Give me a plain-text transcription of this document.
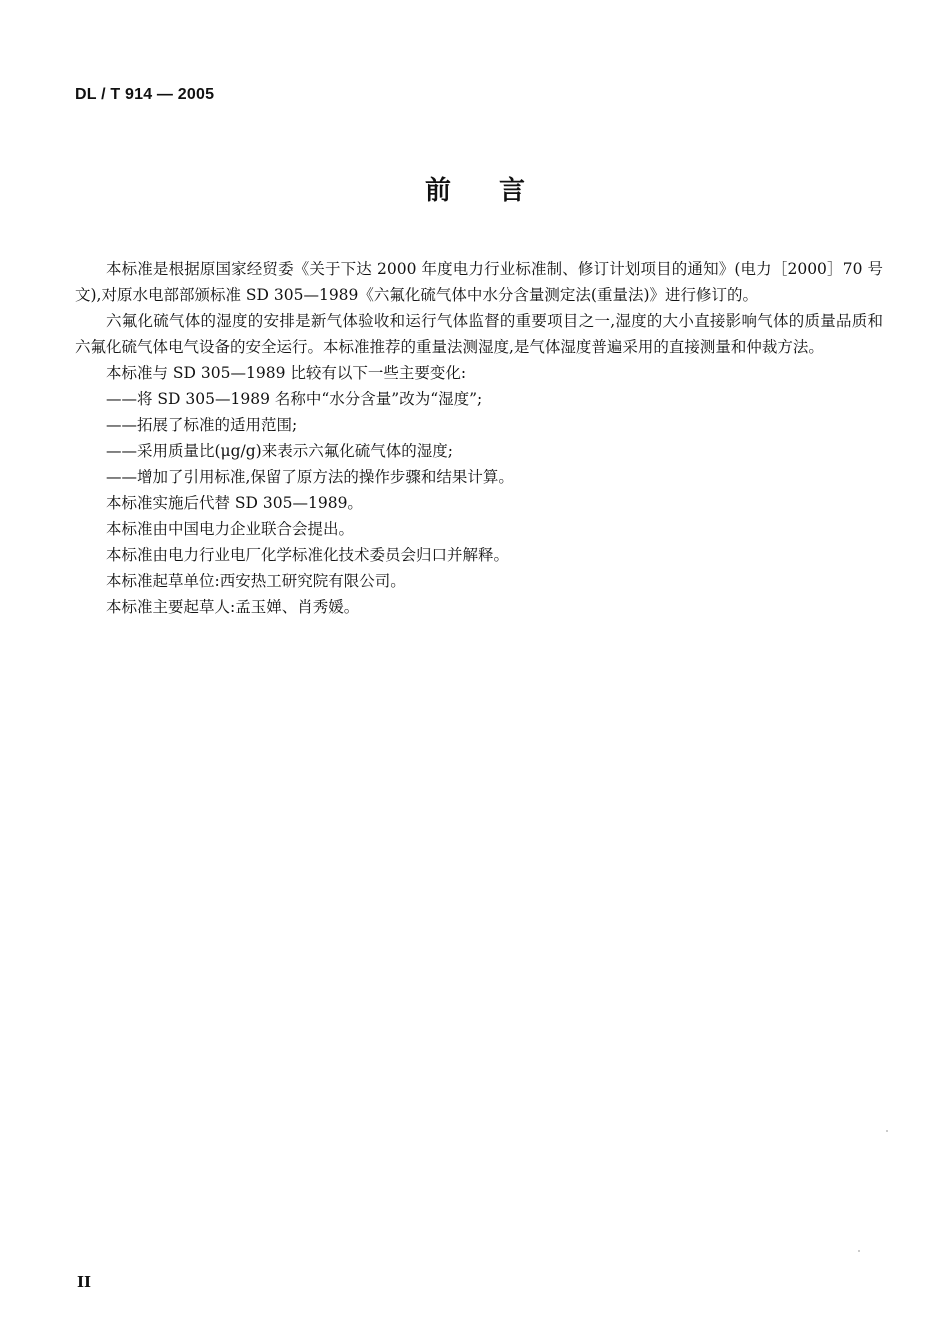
DL / T 914 — 2005
前言

本标准是根据原国家经贸委《关于下达 2000 年度电力行业标准制、修订计划项目的通知》(电力［2000］70 号文),对原水电部部颁标准 SD 305—1989《六氟化硫气体中水分含量测定法(重量法)》进行修订的。

六氟化硫气体的湿度的安排是新气体验收和运行气体监督的重要项目之一,湿度的大小直接影响气体的质量品质和六氟化硫气体电气设备的安全运行。本标准推荐的重量法测湿度,是气体湿度普遍采用的直接测量和仲裁方法。

本标准与 SD 305—1989 比较有以下一些主要变化:

——将 SD 305—1989 名称中“水分含量”改为“湿度”;

——拓展了标准的适用范围;

——采用质量比(μg/g)来表示六氟化硫气体的湿度;

——增加了引用标准,保留了原方法的操作步骤和结果计算。

本标准实施后代替 SD 305—1989。

本标准由中国电力企业联合会提出。

本标准由电力行业电厂化学标准化技术委员会归口并解释。

本标准起草单位:西安热工研究院有限公司。

本标准主要起草人:孟玉婵、肖秀媛。

II
